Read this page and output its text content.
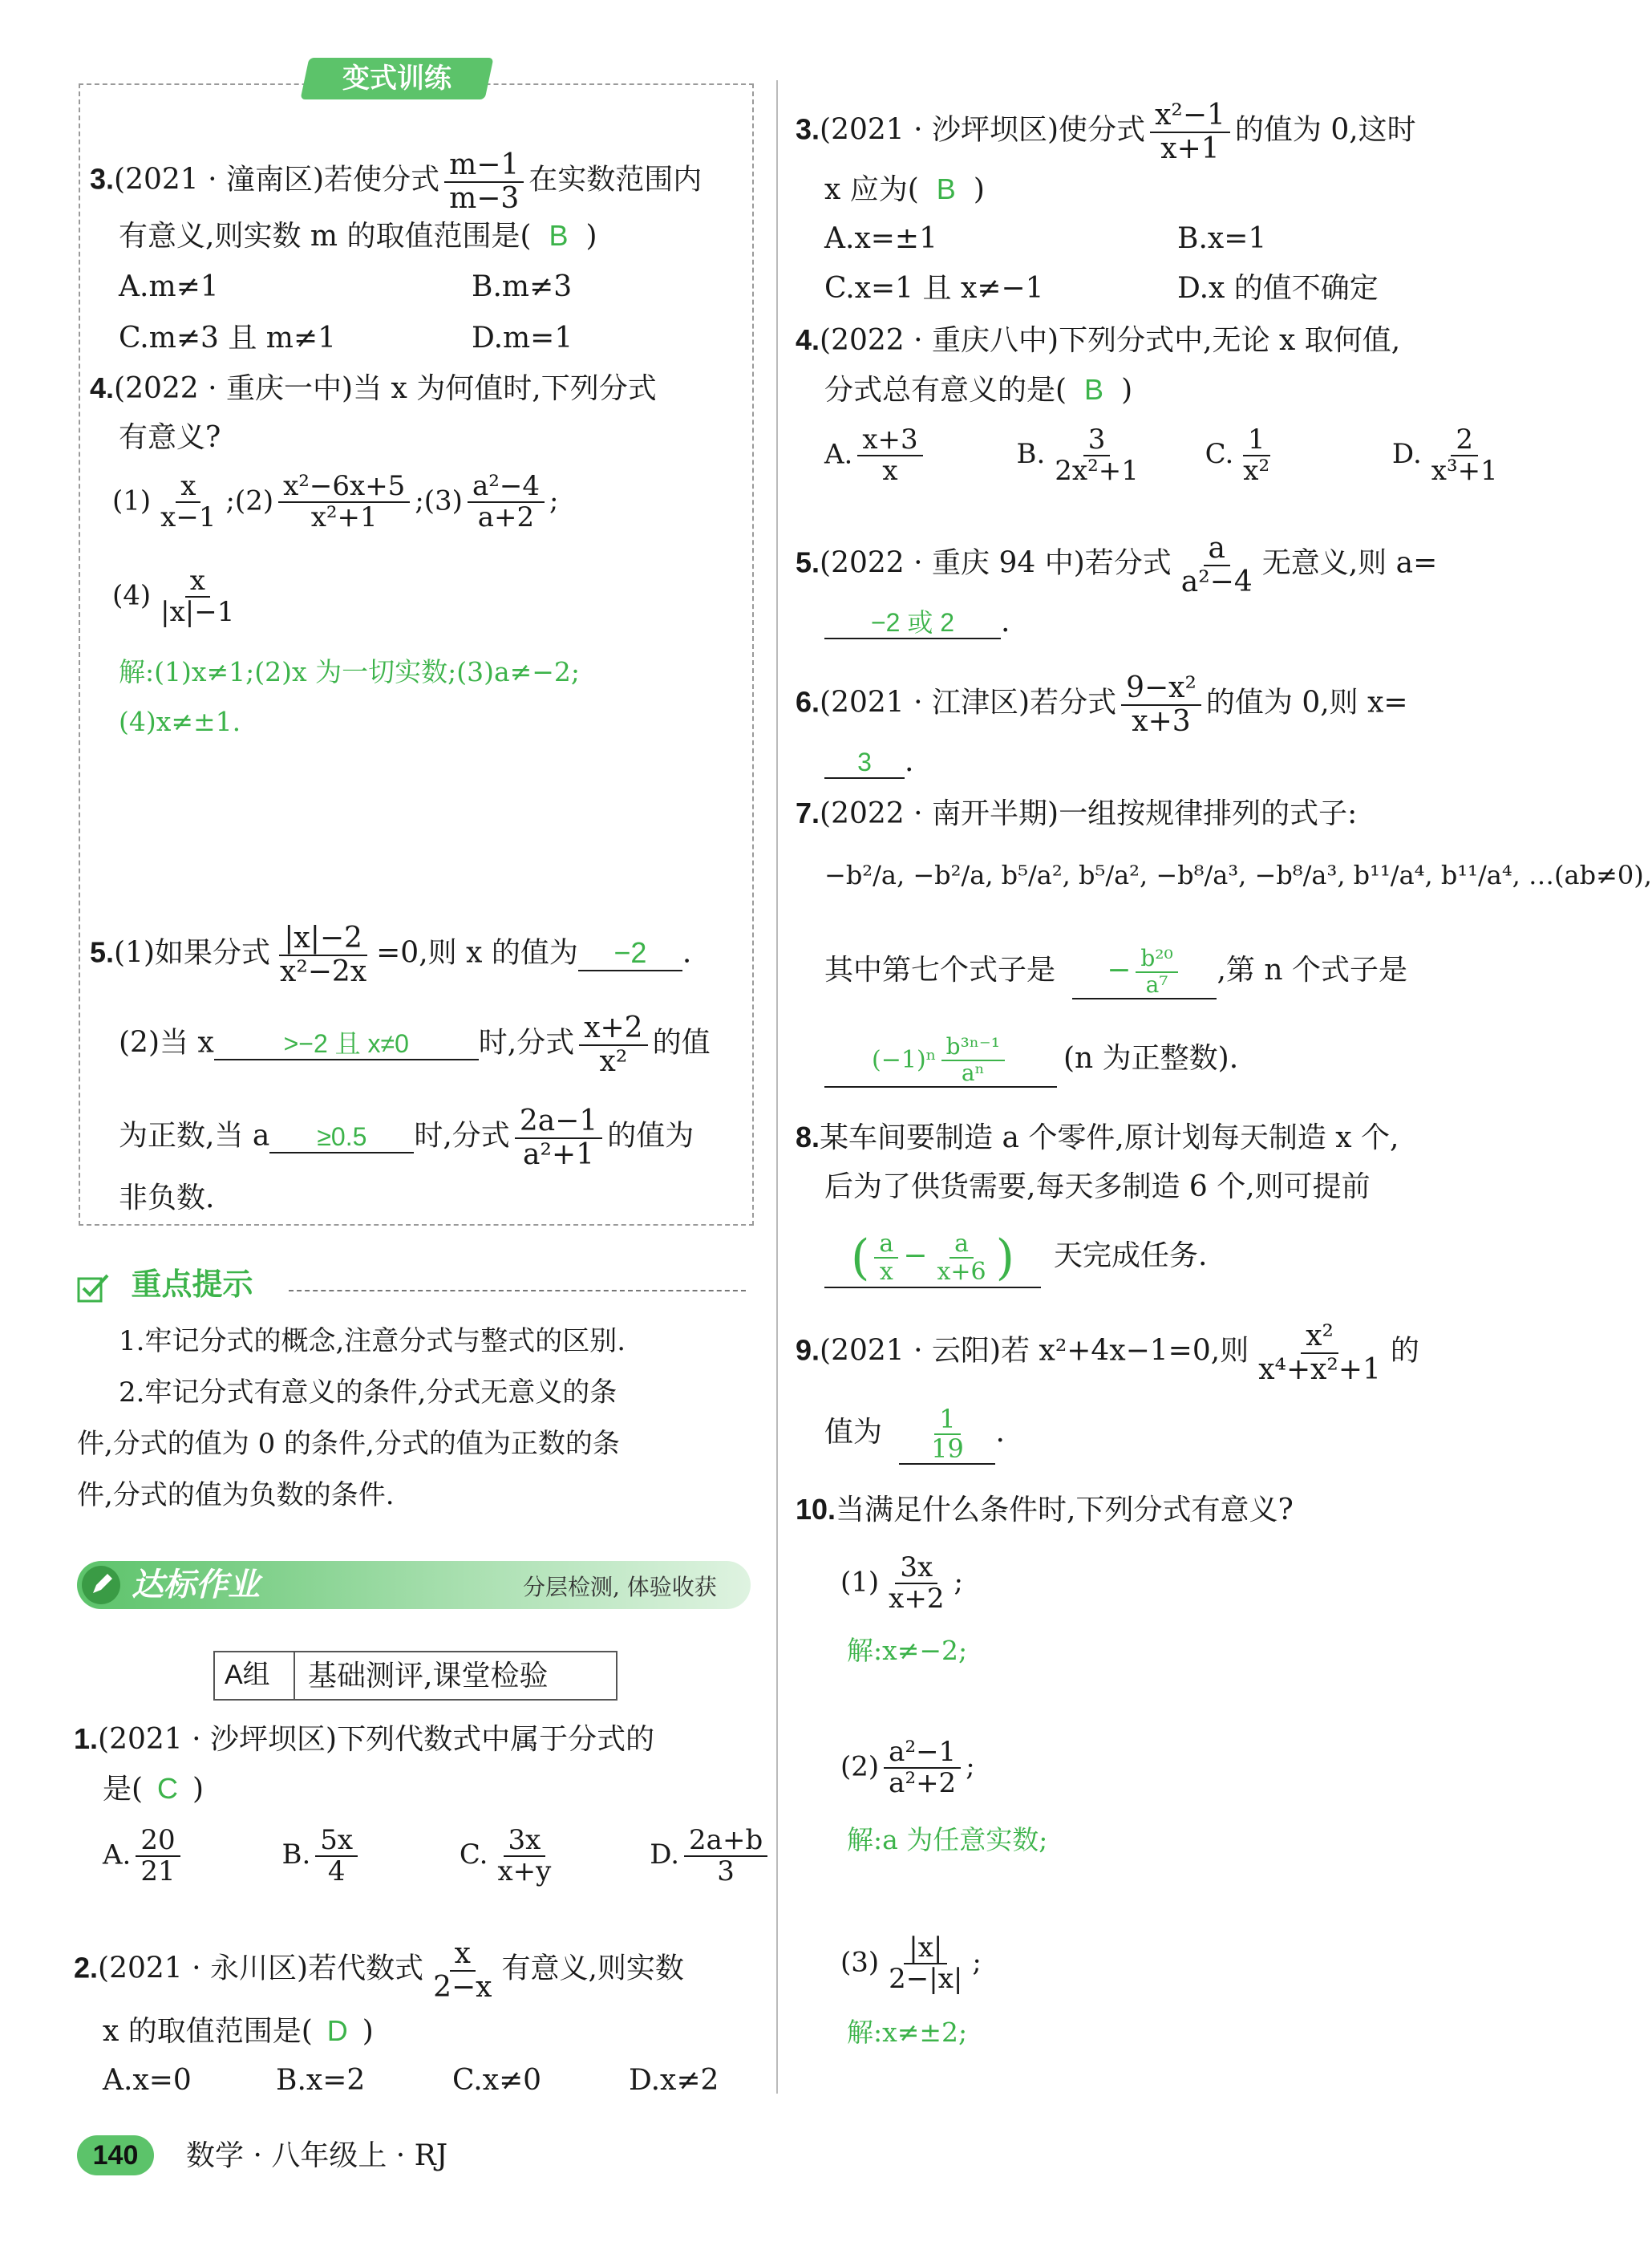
变式训练
3.(2021 · 潼南区)若使分式 $\frac{m-1}{m-3}$ 在实数范围内
有意义,则实数 m 的取值范围是( B )
A.m≠1	B.m≠3
C.m≠3 且 m≠1	D.m=1
4.(2022 · 重庆一中)当 x 为何值时,下列分式
有意义?
$(1) \frac{x}{x-1}$ ;(2) $\frac{\text{x²−6x+5}}{\text{x²+1}}$ ;(3) $\frac{\text{a²−4}}{a+2}$ ;
$(4) \frac{x}{|x|-1}$
解:(1)x≠1;(2)x 为一切实数;(3)a≠−2;
(4)x≠±1.
5.(1)如果分式 $\frac{|x|-2}{\text{x²−2x}} =0$,则 x 的值为 −2 .
(2)当 x	>−2 且 x≠0 时,分式 $\frac{x+2}{\text{x²}}$ 的值
为正数,当 a ≥0.5 时,分式 $\frac{2a-1}{\text{a²+1}}$ 的值为
非负数.
重点提示
1.牢记分式的概念,注意分式与整式的区别.
2.牢记分式有意义的条件,分式无意义的条
件,分式的值为 0 的条件,分式的值为正数的条
件,分式的值为负数的条件.
达标作业	分层检测, 体验收获
A组 基础测评,课堂检验
1.(2021 · 沙坪坝区)下列代数式中属于分式的
是( C )
A. $\frac{20}{21}$	B. $\frac{5x}{4}$	C. $\frac{3x}{x+y}$	D. $\frac{2a+b}{3}$
2.(2021 · 永川区)若代数式 $\frac{x}{2-x}$ 有意义,则实数
x 的取值范围是( D )
A.x=0	B.x=2	C.x≠0	D.x≠2
3.(2021 · 沙坪坝区)使分式 $\frac{\text{x²−1}}{x+1}$ 的值为 0,这时
x 应为( B )
A.x=±1	B.x=1
C.x=1 且 x≠−1	D.x 的值不确定
4.(2022 · 重庆八中)下列分式中,无论 x 取何值,
分式总有意义的是( B )
A. $\frac{x+3}{x}$	B. $\frac{3}{\text{2x²+1}} C$. $\frac{1}{\text{x²}}$	D. $\frac{2}{\text{x³+1}}$
5.(2022 · 重庆 94 中)若分式 $\frac{a}{\text{a²−4}}$ 无意义,则 a=
−2 或 2 .
6.(2021 · 江津区)若分式 $\frac{\text{9−x²}}{x+3}$ 的值为 0,则 x=
3 .
7.(2022 · 南开半期)一组按规律排列的式子:
−b²/a, −b²/a, b⁵/a², b⁵/a², −b⁸/a³, −b⁸/a³, b¹¹/a⁴, b¹¹/a⁴, …(ab≠0),
其中第七个式子是 − $\frac{\text{b²⁰}}{\text{a⁷}}$ ,第 n 个式子是
$(-1)^n \frac{\text{b³ⁿ⁻¹}}{\text{aⁿ}} (n$ 为正整数).
8.某车间要制造 a 个零件,原计划每天制造 x 个,
后为了供货需要,每天多制造 6 个,则可提前
( $\frac{a}{x} - \frac{a}{x+6}$ ) 天完成任务.
9.(2021 · 云阳)若 x²+4x−1=0,则 $\frac{\text{x²}}{\text{x⁴+x²+1}}$ 的
值为 $\frac{1}{19}$ .
10.当满足什么条件时,下列分式有意义?
$(1) \frac{3x}{x+2}$ ;
解:x≠−2;
$(2) \frac{\text{a²−1}}{\text{a²+2}}$ ;
解:a 为任意实数;
$(3) \frac{|x|}{2-|x|}$ ;
解:x≠±2;
140	数学 · 八年级上 · RJ
